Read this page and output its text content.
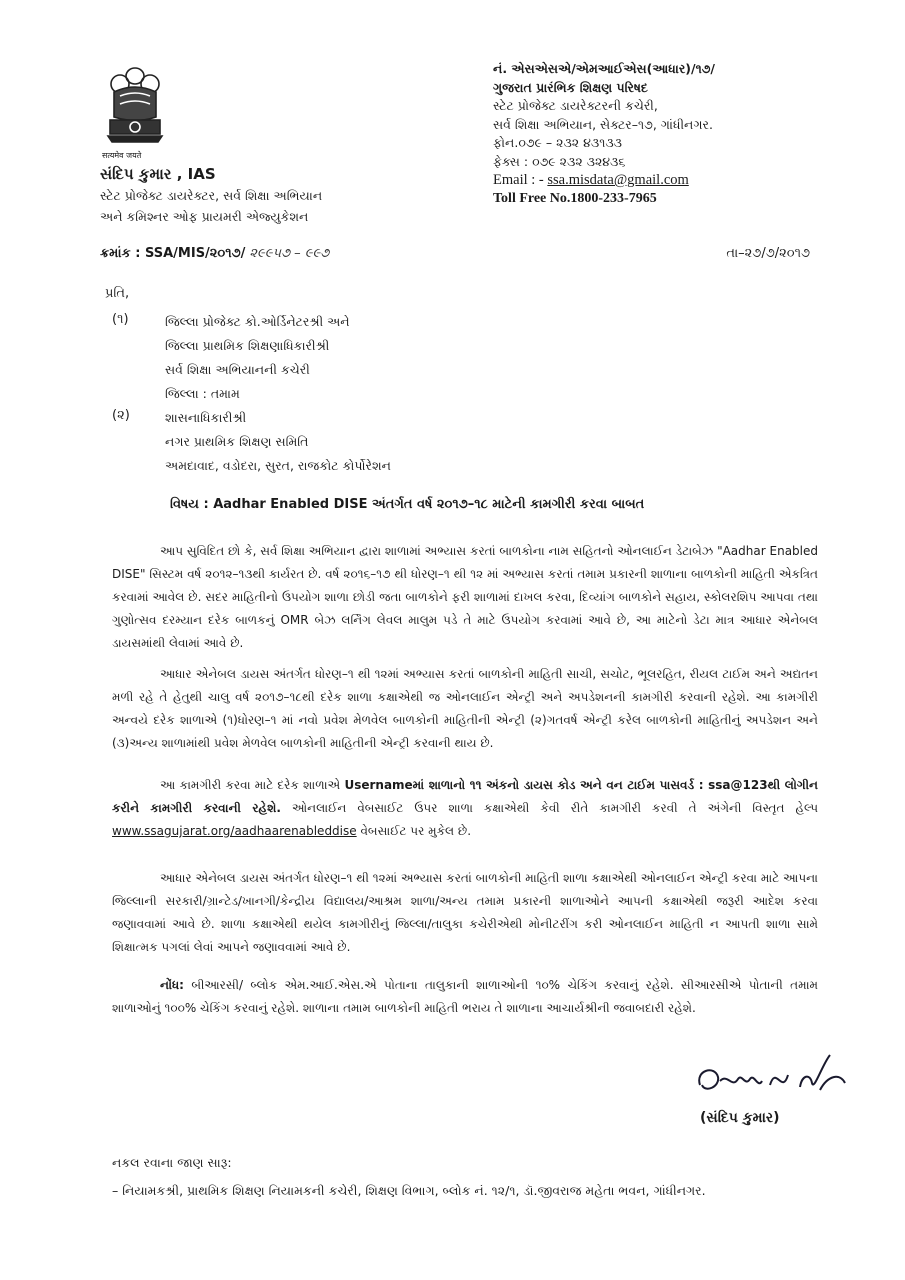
सत्यमेव जयते
સંદિપ કુમાર , IAS
સ્ટેટ પ્રોજેક્ટ ડાયરેક્ટર, સર્વ શિક્ષા અભિયાન
અને કમિશ્નર ઓફ પ્રાયમરી એજ્યુકેશન
નં. એસએસએ/એમઆઈએસ(આધાર)/૧૭/
ગુજરાત પ્રારંભિક શિક્ષણ પરિષદ
સ્ટેટ પ્રોજેક્ટ ડાયરેક્ટરની કચેરી,
સર્વ શિક્ષા અભિયાન, સેક્ટર–૧૭, ગાંધીનગર.
ફોન.૦૭૯ – ૨૩૨ ૪૩૧૩૩
ફેક્સ : ૦૭૯ ૨૩૨ ૩૨૪૩૬
Email : - ssa.misdata@gmail.com
Toll Free No.1800-233-7965
ક્રમાંક : SSA/MIS/૨૦૧૭/ ૨૯૯૫૭ – ૯૯૭	તા–૨૭/૭/૨૦૧૭
પ્રતિ,
(૧)	જિલ્લા પ્રોજેક્ટ કો.ઓર્ડિનેટરશ્રી અને
જિલ્લા પ્રાથમિક શિક્ષણાધિકારીશ્રી
સર્વ શિક્ષા અભિયાનની કચેરી
જિલ્લા : તમામ
(૨)	શાસનાધિકારીશ્રી
નગર પ્રાથમિક શિક્ષણ સમિતિ
અમદાવાદ, વડોદરા, સુરત, રાજકોટ કોર્પોરેશન
વિષય : Aadhar Enabled DISE અંતર્ગત વર્ષ ૨૦૧૭–૧૮ માટેની કામગીરી કરવા બાબત
આપ સુવિદિત છો કે, સર્વ શિક્ષા અભિયાન દ્વારા શાળામાં અભ્યાસ કરતાં બાળકોના નામ સહિતનો ઓનલાઈન ડેટાબેઝ "Aadhar Enabled DISE" સિસ્ટમ વર્ષ ૨૦૧૨–૧૩થી કાર્યરત છે. વર્ષ ૨૦૧૬–૧૭ થી ધોરણ–૧ થી ૧૨ માં અભ્યાસ કરતાં તમામ પ્રકારની શાળાના બાળકોની માહિતી એકત્રિત કરવામાં આવેલ છે. સદર માહિતીનો ઉપયોગ શાળા છોડી જતા બાળકોને ફરી શાળામાં દાખલ કરવા, દિવ્યાંગ બાળકોને સહાય, સ્કોલરશિપ આપવા તથા ગુણોત્સવ દરમ્યાન દરેક બાળકનું OMR બેઝ લર્નિંગ લેવલ માલુમ પડે તે માટે ઉપયોગ કરવામાં આવે છે, આ માટેનો ડેટા માત્ર આધાર એનેબલ ડાયસમાંથી લેવામાં આવે છે.
આધાર એનેબલ ડાયસ અંતર્ગત ધોરણ–૧ થી ૧૨માં અભ્યાસ કરતાં બાળકોની માહિતી સાચી, સચોટ, ભૂલરહિત, રીયલ ટાઈમ અને અદ્યતન મળી રહે તે હેતુથી ચાલુ વર્ષ ૨૦૧૭–૧૮થી દરેક શાળા કક્ષાએથી જ ઓનલાઈન એન્ટ્રી અને અપડેશનની કામગીરી કરવાની રહેશે. આ કામગીરી અન્વયે દરેક શાળાએ (૧)ધોરણ–૧ માં નવો પ્રવેશ મેળવેલ બાળકોની માહિતીની એન્ટ્રી (૨)ગતવર્ષ એન્ટ્રી કરેલ બાળકોની માહિતીનું અપડેશન અને (૩)અન્ય શાળામાંથી પ્રવેશ મેળવેલ બાળકોની માહિતીની એન્ટ્રી કરવાની થાય છે.
આ કામગીરી કરવા માટે દરેક શાળાએ Usernameમાં શાળાનો ૧૧ અંકનો ડાયસ કોડ અને વન ટાઈમ પાસવર્ડ : ssa@123થી લોગીન કરીને કામગીરી કરવાની રહેશે. ઓનલાઈન વેબસાઈટ ઉપર શાળા કક્ષાએથી કેવી રીતે કામગીરી કરવી તે અંગેની વિસ્તૃત હેલ્પ www.ssagujarat.org/aadhaarenableddise વેબસાઈટ પર મુકેલ છે.
આધાર એનેબલ ડાયસ અંતર્ગત ધોરણ–૧ થી ૧૨માં અભ્યાસ કરતાં બાળકોની માહિતી શાળા કક્ષાએથી ઓનલાઈન એન્ટ્રી કરવા માટે આપના જિલ્લાની સરકારી/ગ્રાન્ટેડ/ખાનગી/કેન્દ્રીય વિદ્યાલય/આશ્રમ શાળા/અન્ય તમામ પ્રકારની શાળાઓને આપની કક્ષાએથી જરૂરી આદેશ કરવા જણાવવામાં આવે છે. શાળા કક્ષાએથી થયેલ કામગીરીનું જિલ્લા/તાલુકા કચેરીએથી મોનીટરીંગ કરી ઓનલાઈન માહિતી ન આપતી શાળા સામે શિક્ષાત્મક પગલાં લેવાં આપને જણાવવામાં આવે છે.
નોંધ: બીઆરસી/ બ્લોક એમ.આઈ.એસ.એ પોતાના તાલુકાની શાળાઓની ૧૦% ચેકિંગ કરવાનું રહેશે. સીઆરસીએ પોતાની તમામ શાળાઓનું ૧૦૦% ચેકિંગ કરવાનું રહેશે. શાળાના તમામ બાળકોની માહિતી ભરાય તે શાળાના આચાર્યશ્રીની જવાબદારી રહેશે.
(સંદિપ કુમાર)
નકલ રવાના જાણ સારૂ:
– નિયામકશ્રી, પ્રાથમિક શિક્ષણ નિયામકની કચેરી, શિક્ષણ વિભાગ, બ્લોક નં. ૧૨/૧, ડૉ.જીવરાજ મહેતા ભવન, ગાંધીનગર.
